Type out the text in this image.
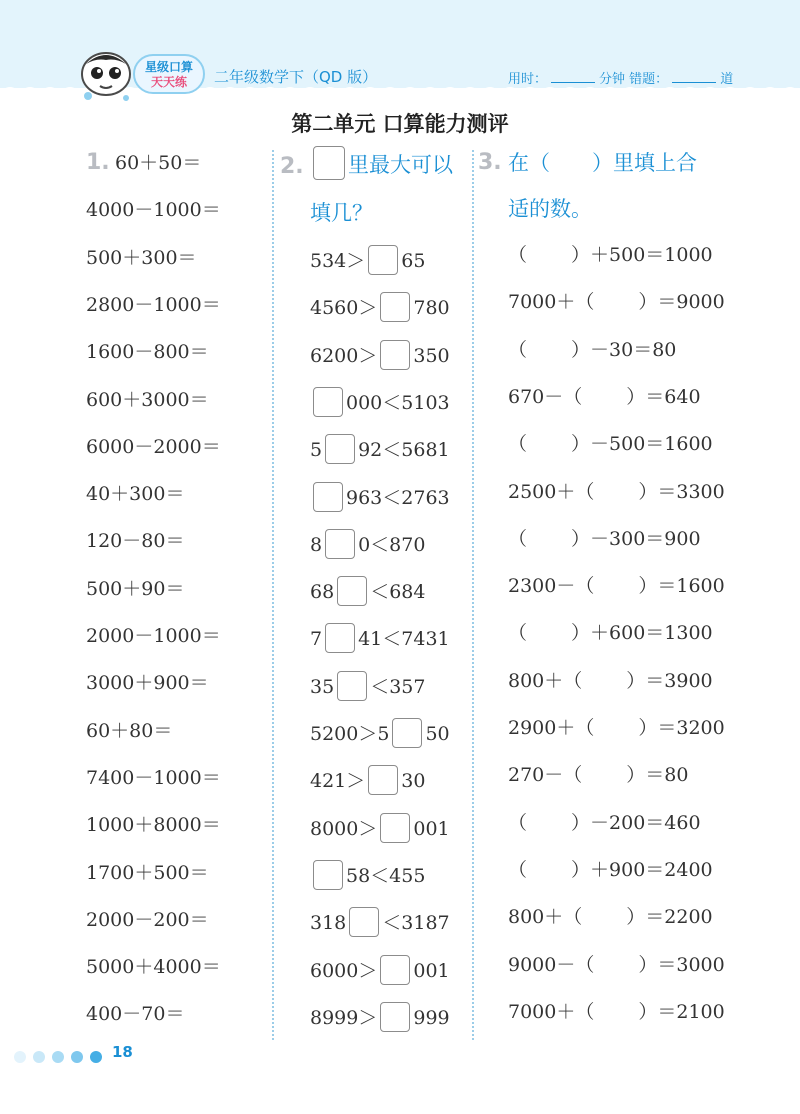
星级口算
天天练	二年级数学下（QD 版）	用时：	分钟 错题：	道
第二单元 口算能力测评
1. 60＋50＝
4000－1000＝
500＋300＝
2800－1000＝
1600－800＝
600＋3000＝
6000－2000＝
40＋300＝
120－80＝
500＋90＝
2000－1000＝
3000＋900＝
60＋80＝
7400－1000＝
1000＋8000＝
1700＋500＝
2000－200＝
5000＋4000＝
400－70＝
2.	里最大可以
填几？
534＞ 65
4560＞ 780
6200＞ 350
000＜5103
5 92＜5681
963＜2763
8 0＜870
68 ＜684
7 41＜7431
35 ＜357
5200＞5 50
421＞ 30
8000＞ 001
58＜455
318 ＜3187
6000＞ 001
8999＞ 999
3. 在（　　）里填上合
适的数。
（ ）＋500＝1000
7000＋（ ）＝9000
（ ）－30＝80
670－（ ）＝640
（ ）－500＝1600
2500＋（ ）＝3300
（ ）－300＝900
2300－（ ）＝1600
（ ）＋600＝1300
800＋（ ）＝3900
2900＋（ ）＝3200
270－（ ）＝80
（ ）－200＝460
（ ）＋900＝2400
800＋（ ）＝2200
9000－（ ）＝3000
7000＋（ ）＝2100
18
